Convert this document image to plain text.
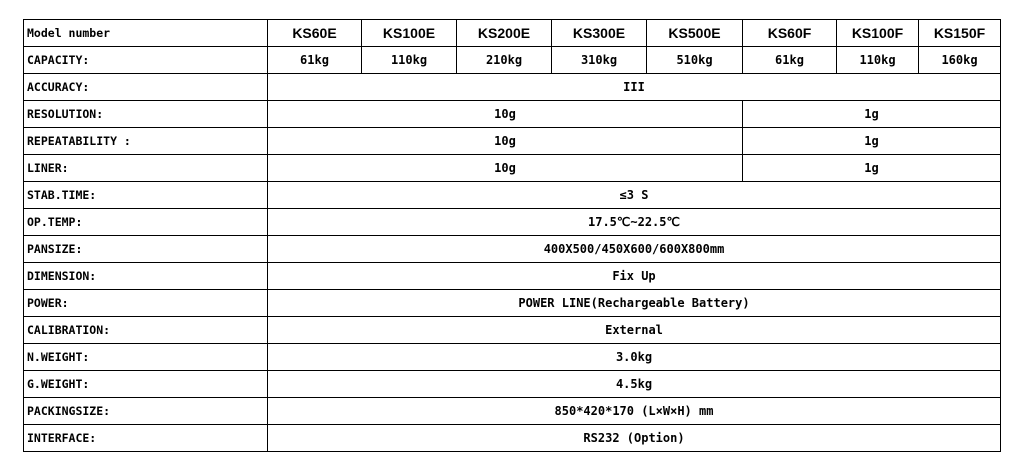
Model number	KS60E	KS100E	KS200E	KS300E	KS500E	KS60F	KS100F	KS150F
CAPACITY:	61kg	110kg	210kg	310kg	510kg	61kg	110kg	160kg
ACCURACY:	III							
RESOLUTION:	10g					1g		
REPEATABILITY :	10g					1g		
LINER:	10g					1g		
STAB.TIME:	≤3 S							
OP.TEMP:	17.5℃~22.5℃							
PANSIZE:	400X500/450X600/600X800mm							
DIMENSION:	Fix Up							
POWER:	POWER LINE(Rechargeable Battery)							
CALIBRATION:	External							
N.WEIGHT:	3.0kg							
G.WEIGHT:	4.5kg							
PACKINGSIZE:	850*420*170 (L×W×H) mm							
INTERFACE:	RS232 (Option)							
